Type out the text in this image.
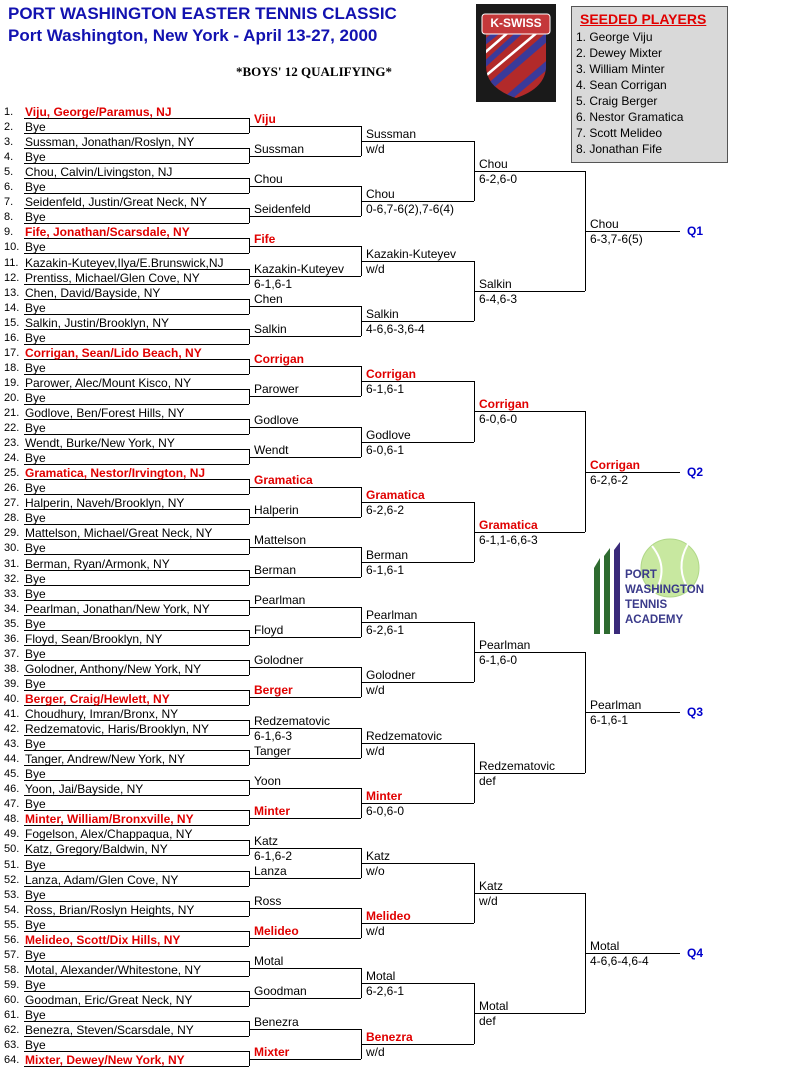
PORT WASHINGTON EASTER TENNIS CLASSIC
Port Washington, New York - April 13-27, 2000
*BOYS' 12 QUALIFYING*
K-SWISS	SEEDED PLAYERS
1. George Viju
2. Dewey Mixter
3. William Minter
4. Sean Corrigan
5. Craig Berger
6. Nestor Gramatica
7. Scott Melideo
8. Jonathan Fife
PORT
WASHINGTON
TENNIS
ACADEMY
1. Viju, George/Paramus, NJ
2. Bye
3. Sussman, Jonathan/Roslyn, NY
4. Bye
5. Chou, Calvin/Livingston, NJ
6. Bye
7. Seidenfeld, Justin/Great Neck, NY
8. Bye
9. Fife, Jonathan/Scarsdale, NY
10. Bye
11. Kazakin-Kuteyev,Ilya/E.Brunswick,NJ
12. Prentiss, Michael/Glen Cove, NY
13. Chen, David/Bayside, NY
14. Bye
15. Salkin, Justin/Brooklyn, NY
16. Bye
17. Corrigan, Sean/Lido Beach, NY
18. Bye
19. Parower, Alec/Mount Kisco, NY
20. Bye
21. Godlove, Ben/Forest Hills, NY
22. Bye
23. Wendt, Burke/New York, NY
24. Bye
25. Gramatica, Nestor/Irvington, NJ
26. Bye
27. Halperin, Naveh/Brooklyn, NY
28. Bye
29. Mattelson, Michael/Great Neck, NY
30. Bye
31. Berman, Ryan/Armonk, NY
32. Bye
33. Bye
34. Pearlman, Jonathan/New York, NY
35. Bye
36. Floyd, Sean/Brooklyn, NY
37. Bye
38. Golodner, Anthony/New York, NY
39. Bye
40. Berger, Craig/Hewlett, NY
41. Choudhury, Imran/Bronx, NY
42. Redzematovic, Haris/Brooklyn, NY
43. Bye
44. Tanger, Andrew/New York, NY
45. Bye
46. Yoon, Jai/Bayside, NY
47. Bye
48. Minter, William/Bronxville, NY
49. Fogelson, Alex/Chappaqua, NY
50. Katz, Gregory/Baldwin, NY
51. Bye
52. Lanza, Adam/Glen Cove, NY
53. Bye
54. Ross, Brian/Roslyn Heights, NY
55. Bye
56. Melideo, Scott/Dix Hills, NY
57. Bye
58. Motal, Alexander/Whitestone, NY
59. Bye
60. Goodman, Eric/Great Neck, NY
61. Bye
62. Benezra, Steven/Scarsdale, NY
63. Bye
64. Mixter, Dewey/New York, NY
Viju
Sussman
Chou
Seidenfeld
Fife
Kazakin-Kuteyev
6-1,6-1
Chen
Salkin
Corrigan
Parower
Godlove
Wendt
Gramatica
Halperin
Mattelson
Berman
Pearlman
Floyd
Golodner
Berger
Redzematovic
6-1,6-3
Tanger
Yoon
Minter
Katz
6-1,6-2
Lanza
Ross
Melideo
Motal
Goodman
Benezra
Mixter
Sussman
w/d
Chou
0-6,7-6(2),7-6(4)
Kazakin-Kuteyev
w/d
Salkin
4-6,6-3,6-4
Corrigan
6-1,6-1
Godlove
6-0,6-1
Gramatica
6-2,6-2
Berman
6-1,6-1
Pearlman
6-2,6-1
Golodner
w/d
Redzematovic
w/d
Minter
6-0,6-0
Katz
w/o
Melideo
w/d
Motal
6-2,6-1
Benezra
w/d
Chou
6-2,6-0
Salkin
6-4,6-3
Corrigan
6-0,6-0
Gramatica
6-1,1-6,6-3
Pearlman
6-1,6-0
Redzematovic
def
Katz
w/d
Motal
def
Chou
6-3,7-6(5)
Corrigan
6-2,6-2
Pearlman
6-1,6-1
Motal
4-6,6-4,6-4
Q1
Q2
Q3
Q4
